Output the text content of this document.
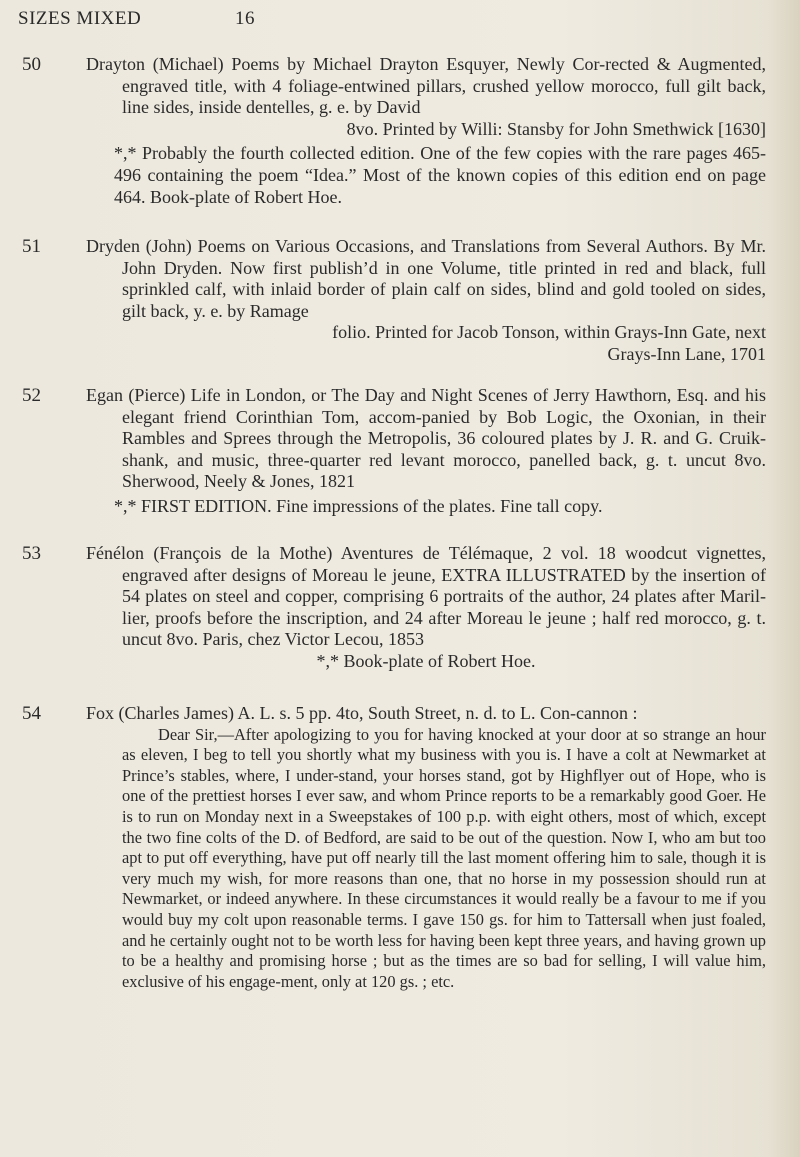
SIZES MIXED	16
50	Drayton (Michael) Poems by Michael Drayton Esquyer, Newly Cor-rected & Augmented, engraved title, with 4 foliage-entwined pillars, crushed yellow morocco, full gilt back, line sides, inside dentelles, g. e. by David

8vo. Printed by Willi: Stansby for John Smethwick [1630]

*,* Probably the fourth collected edition. One of the few copies with the rare pages 465-496 containing the poem “Idea.” Most of the known copies of this edition end on page 464. Book-plate of Robert Hoe.

51	Dryden (John) Poems on Various Occasions, and Translations from Several Authors. By Mr. John Dryden. Now first publish’d in one Volume, title printed in red and black, full sprinkled calf, with inlaid border of plain calf on sides, blind and gold tooled on sides, gilt back, y. e. by Ramage

folio. Printed for Jacob Tonson, within Grays-Inn Gate, next

Grays-Inn Lane, 1701

52	Egan (Pierce) Life in London, or The Day and Night Scenes of Jerry Hawthorn, Esq. and his elegant friend Corinthian Tom, accom-panied by Bob Logic, the Oxonian, in their Rambles and Sprees through the Metropolis, 36 coloured plates by J. R. and G. Cruik-shank, and music, three-quarter red levant morocco, panelled back, g. t. uncut 8vo. Sherwood, Neely & Jones, 1821

*,* FIRST EDITION. Fine impressions of the plates. Fine tall copy.

53	Fénélon (François de la Mothe) Aventures de Télémaque, 2 vol. 18 woodcut vignettes, engraved after designs of Moreau le jeune, EXTRA ILLUSTRATED by the insertion of 54 plates on steel and copper, comprising 6 portraits of the author, 24 plates after Maril-lier, proofs before the inscription, and 24 after Moreau le jeune ; half red morocco, g. t. uncut 8vo. Paris, chez Victor Lecou, 1853

*,* Book-plate of Robert Hoe.

54	Fox (Charles James) A. L. s. 5 pp. 4to, South Street, n. d. to L. Con-cannon :

Dear Sir,—After apologizing to you for having knocked at your door at so strange an hour as eleven, I beg to tell you shortly what my business with you is. I have a colt at Newmarket at Prince’s stables, where, I under-stand, your horses stand, got by Highflyer out of Hope, who is one of the prettiest horses I ever saw, and whom Prince reports to be a remarkably good Goer. He is to run on Monday next in a Sweepstakes of 100 p.p. with eight others, most of which, except the two fine colts of the D. of Bedford, are said to be out of the question. Now I, who am but too apt to put off everything, have put off nearly till the last moment offering him to sale, though it is very much my wish, for more reasons than one, that no horse in my possession should run at Newmarket, or indeed anywhere. In these circumstances it would really be a favour to me if you would buy my colt upon reasonable terms. I gave 150 gs. for him to Tattersall when just foaled, and he certainly ought not to be worth less for having been kept three years, and having grown up to be a healthy and promising horse ; but as the times are so bad for selling, I will value him, exclusive of his engage-ment, only at 120 gs. ; etc.
